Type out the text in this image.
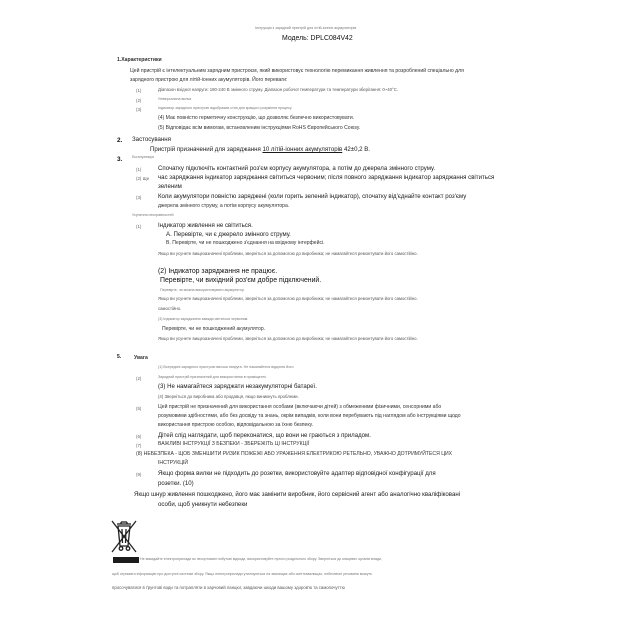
Інструкція з зарядний пристрій для літій-іонних акумуляторів
Модель: DPLC084V42
1.Характеристики
Цей пристрій є інтелектуальним зарядним пристроєм, який використовує технологію перемикання живлення та розроблений спеціально для
зарядного пристрою для літій-іонних акумуляторів. Його переваги:
(1)	Діапазон вхідної напруги: 180-240 В змінного струму. Діапазон робочої температури та температури зберігання: 0~40°C.
(2)	Універсальна вилка
(3)	Індикатор зарядного пристрою відображає стан для кращого розуміння процесу.
(4) Має повністю герметичну конструкцію, що дозволяє безпечно використовувати.
(5) Відповідає всім вимогам, встановленим інструкціями RoHS Європейського Союзу.
2. Застосування
Пристрій призначений для заряджання 10 літій-іонних акумуляторів 42±0,2 В.
3.	Експлуатація
(1)	Спочатку підключіть контактний роз'єм корпусу акумулятора, а потім до джерела змінного струму.
(2) Ще час заряджання індикатор заряджання світиться червоним; після повного заряджання індикатор заряджання світиться
зеленим
(3)	Коли акумулятори повністю заряджені (коли горить зелений індикатор), спочатку від'єднайте контакт роз'єму
джерела змінного струму, а потім корпусу акумулятора.
Усунення несправностей
(1)	Індикатор живлення не світиться.
А. Перевірте, чи є джерело змінного струму.
В. Перевірте, чи не пошкоджено з'єднання на вхідному інтерфейсі.
Якщо ви усунете вищезазначені проблеми, зверніться за допомогою до виробника; не намагайтеся ремонтувати його самостійно.
(2) Індикатор заряджання не працює.
Перевірте, чи вихідний роз'єм добре підключений.
Перевірте, чи можна використовувати акумулятор.
Якщо ви усунете вищезазначені проблеми, зверніться за допомогою до виробника; не намагайтеся ремонтувати його самостійно.
самостійно.
(3) Індикатор заряджання завжди світиться червоним.
Перевірте, чи не пошкоджений акумулятор.
Якщо ви усунете вищезазначені проблеми, зверніться за допомогою до виробника; не намагайтеся ремонтувати його самостійно.
5.	Увага
(1) Всередині зарядного пристрою висока напруга. Не намагайтеся відкрити його.
(2)	Зарядний пристрій призначений для використання в приміщенні.
(3) Не намагайтеся заряджати незакумуляторні батареї.
(4) Зверніться до виробника або продавця, якщо виникнуть проблеми.
(5)	Цей пристрій не призначений для використання особами (включаючи дітей) з обмеженими фізичними, сенсорними або
розумовими здібностями, або без досвіду та знань, окрім випадків, коли вони перебувають під наглядом або інструкціями щодо
використання пристрою особою, відповідальною за їхню безпеку.
(6)	Дітей слід наглядати, щоб переконатися, що вони не граються з приладом.
(7)	ВАЖЛИВІ ІНСТРУКЦІЇ З БЕЗПЕКИ - ЗБЕРЕЖІТЬ ЦІ ІНСТРУКЦІЇ
(8) НЕБЕЗПЕКА - ЩОБ ЗМЕНШИТИ РИЗИК ПОЖЕЖІ АБО УРАЖЕННЯ ЕЛЕКТРИКОЮ РЕТЕЛЬНО, УВАЖНО ДОТРИМУЙТЕСЯ ЦИХ
ІНСТРУКЦІЙ
(9)	Якщо форма вилки не підходить до розетки, використовуйте адаптер відповідної конфігурації для
розетки. (10)
Якщо шнур живлення пошкоджено, його має замінити виробник, його сервісний агент або аналогічно кваліфіковані
особи, щоб уникнути небезпеки
Не викидайте електроприлади як несортовані побутові відходи, використовуйте пункти роздільного збору. Зверніться до місцевих органів влади,
щоб отримати інформацію про доступні системи збору. Якщо електроприлади утилізуються на звалищах або сміттєзвалищах, небезпечні речовини можуть
просочуватися в ґрунтові води та потрапляти в харчовий ланцюг, завдаючи шкоди вашому здоров'ю та самопочуттю
